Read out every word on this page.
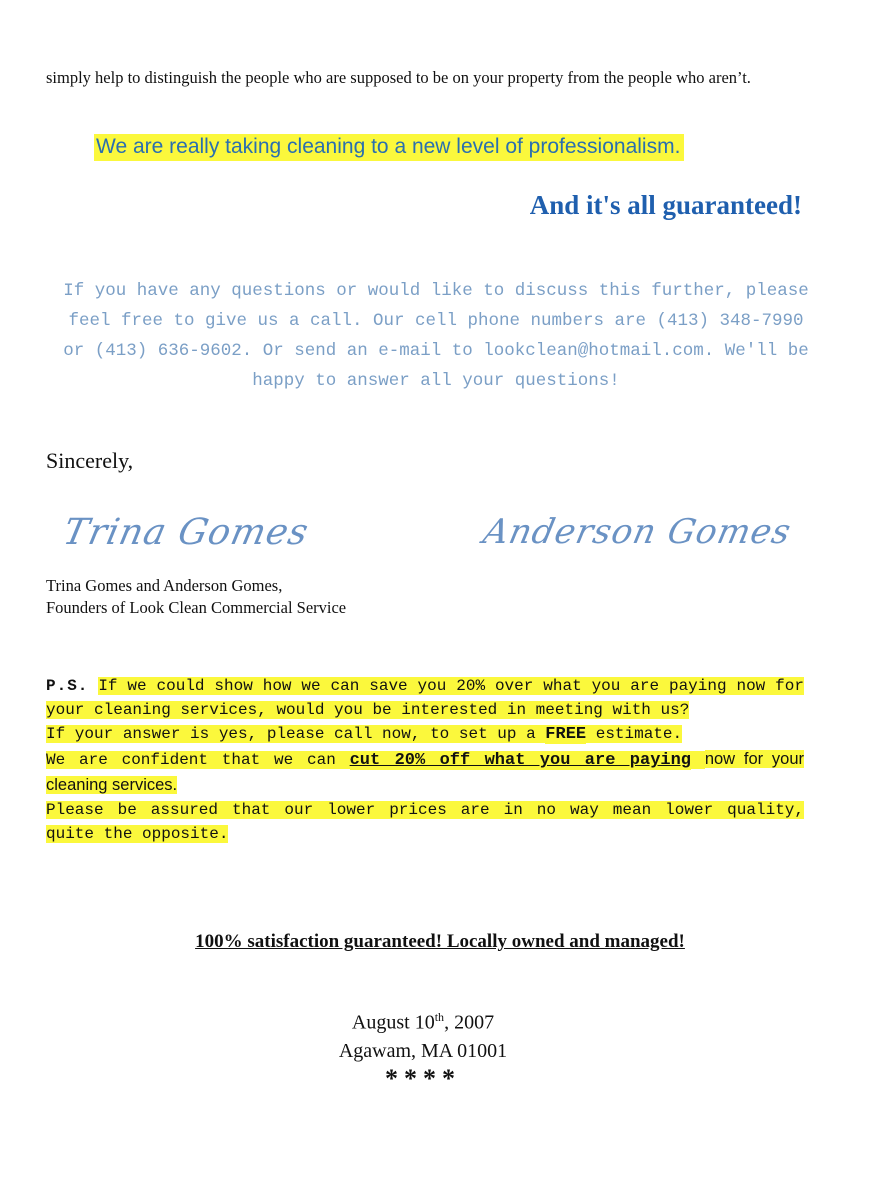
simply help to distinguish the people who are supposed to be on your property from the people who aren’t.

We are really taking cleaning to a new level of professionalism.
And it's all guaranteed!

If you have any questions or would like to discuss this further, please feel free to give us a call. Our cell phone numbers are (413) 348-7990 or (413) 636-9602. Or send an e-mail to lookclean@hotmail.com. We'll be happy to answer all your questions!

Sincerely,

Trina Gomes	Anderson Gomes
Trina Gomes and Anderson Gomes,
Founders of Look Clean Commercial Service

P.S. If we could show how we can save you 20% over what you are paying now for your cleaning services, would you be interested in meeting with us?

If your answer is yes, please call now, to set up a FREE estimate.

We are confident that we can cut 20% off what you are paying now for your cleaning services.

Please be assured that our lower prices are in no way mean lower quality, quite the opposite.

100% satisfaction guaranteed! Locally owned and managed!

August 10th, 2007
Agawam, MA 01001

****
